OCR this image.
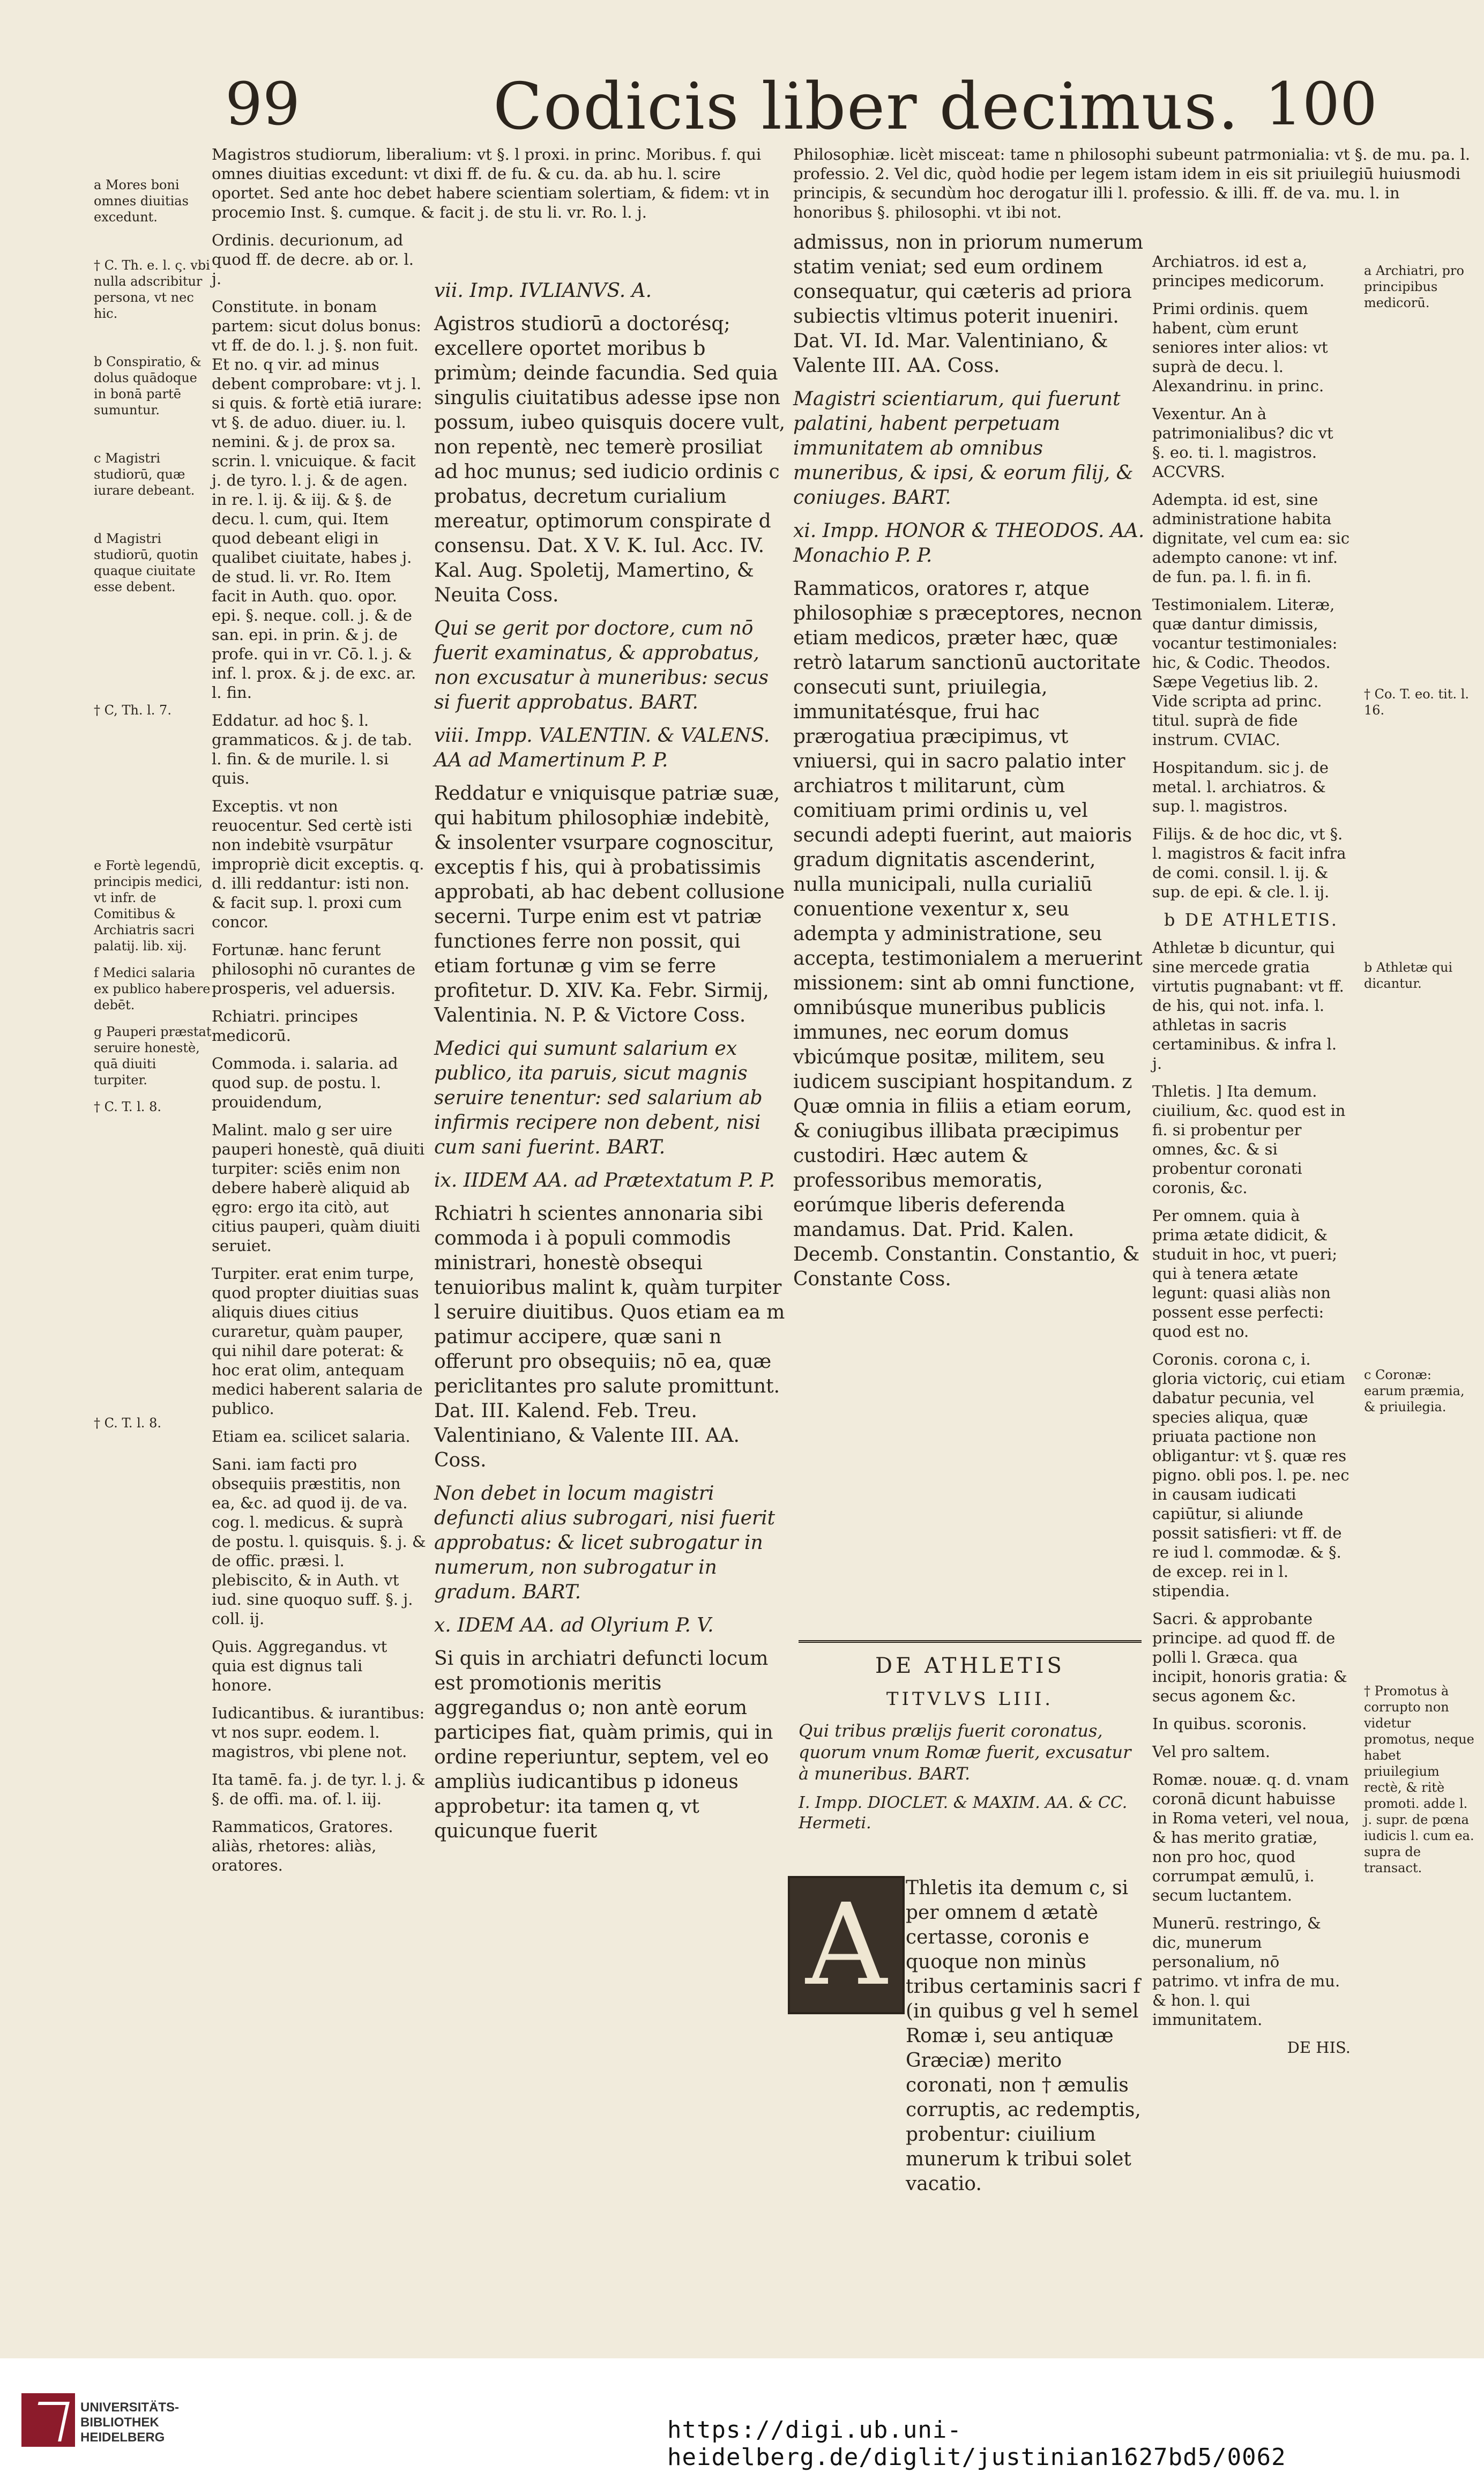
99	Codicis liber decimus. 100

Magistros studiorum, liberalium: vt §. l proxi. in princ. Moribus. f. qui omnes diuitias excedunt: vt dixi ff. de fu. & cu. da. ab hu. l. scire oportet. Sed ante hoc debet habere scientiam solertiam, & fidem: vt in procemio Inst. §. cumque. & facit j. de stu li. vr. Ro. l. j.

Philosophiæ. licèt misceat: tame n philosophi subeunt patrmonialia: vt §. de mu. pa. l. professio. 2. Vel dic, quòd hodie per legem istam idem in eis sit priuilegiū huiusmodi principis, & secundùm hoc derogatur illi l. professio. & illi. ff. de va. mu. l. in honoribus §. philosophi. vt ibi not.

a Mores boni omnes diuitias excedunt.

† C. Th. e. l. ς. vbi nulla adscribitur persona, vt nec hic.

b Conspiratio, & dolus quādoque in bonā partē sumuntur.

c Magistri studiorū, quæ iurare debeant.

d Magistri studiorū, quotin quaque ciuitate esse debent.

† C, Th. l. 7.

e Fortè legendū, principis medici, vt infr. de Comitibus & Archiatris sacri palatij. lib. xij.

f Medici salaria ex publico habere debēt.

g Pauperi præstat seruire honestè, quā diuiti turpiter.

† C. T. l. 8.

† C. T. l. 8.

Ordinis. decurionum, ad quod ff. de decre. ab or. l. j.

Constitute. in bonam partem: sicut dolus bonus: vt ff. de do. l. j. §. non fuit. Et no. q vir. ad minus debent comprobare: vt j. l. si quis. & fortè etiā iurare: vt §. de aduo. diuer. iu. l. nemini. & j. de prox sa. scrin. l. vnicuique. & facit j. de tyro. l. j. & de agen. in re. l. ij. & iij. & §. de decu. l. cum, qui. Item quod debeant eligi in qualibet ciuitate, habes j. de stud. li. vr. Ro. Item facit in Auth. quo. opor. epi. §. neque. coll. j. & de san. epi. in prin. & j. de profe. qui in vr. Cō. l. j. & inf. l. prox. & j. de exc. ar. l. fin.

Eddatur. ad hoc §. l. grammaticos. & j. de tab. l. fin. & de murile. l. si quis.

Exceptis. vt non reuocentur. Sed certè isti non indebitè vsurpātur impropriè dicit exceptis. q. d. illi reddantur: isti non. & facit sup. l. proxi cum concor.

Fortunæ. hanc ferunt philosophi nō curantes de prosperis, vel aduersis.

Rchiatri. principes medicorū.

Commoda. i. salaria. ad quod sup. de postu. l. prouidendum,

Malint. malo g ser uire pauperi honestè, quā diuiti turpiter: sciēs enim non debere haberè aliquid ab ęgro: ergo ita citò, aut citius pauperi, quàm diuiti seruiet.

Turpiter. erat enim turpe, quod propter diuitias suas aliquis diues citius curaretur, quàm pauper, qui nihil dare poterat: & hoc erat olim, antequam medici haberent salaria de publico.

Etiam ea. scilicet salaria.

Sani. iam facti pro obsequiis præstitis, non ea, &c. ad quod ij. de va. cog. l. medicus. & suprà de postu. l. quisquis. §. j. & de offic. præsi. l. plebiscito, & in Auth. vt iud. sine quoquo suff. §. j. coll. ij.

Quis. Aggregandus. vt quia est dignus tali honore.

Iudicantibus. & iurantibus: vt nos supr. eodem. l. magistros, vbi plene not.

Ita tamē. fa. j. de tyr. l. j. & §. de offi. ma. of. l. iij.

Rammaticos, Gratores. aliàs, rhetores: aliàs, oratores.

vii. Imp. IVLIANVS. A.

Agistros studiorū a doctorésq; excellere oportet moribus b primùm; deinde facundia. Sed quia singulis ciuitatibus adesse ipse non possum, iubeo quisquis docere vult, non repentè, nec temerè prosiliat ad hoc munus; sed iudicio ordinis c probatus, decretum curialium mereatur, optimorum conspirate d consensu. Dat. X V. K. Iul. Acc. IV. Kal. Aug. Spoletij, Mamertino, & Neuita Coss.

Qui se gerit por doctore, cum nō fuerit examinatus, & approbatus, non excusatur à muneribus: secus si fuerit approbatus. BART.

viii. Impp. VALENTIN. & VALENS. AA ad Mamertinum P. P.

Reddatur e vniquisque patriæ suæ, qui habitum philosophiæ indebitè, & insolenter vsurpare cognoscitur, exceptis f his, qui à probatissimis approbati, ab hac debent collusione secerni. Turpe enim est vt patriæ functiones ferre non possit, qui etiam fortunæ g vim se ferre profitetur. D. XIV. Ka. Febr. Sirmij, Valentinia. N. P. & Victore Coss.

Medici qui sumunt salarium ex publico, ita paruis, sicut magnis seruire tenentur: sed salarium ab infirmis recipere non debent, nisi cum sani fuerint. BART.

ix. IIDEM AA. ad Prætextatum P. P.

Rchiatri h scientes annonaria sibi commoda i à populi commodis ministrari, honestè obsequi tenuioribus malint k, quàm turpiter l seruire diuitibus. Quos etiam ea m patimur accipere, quæ sani n offerunt pro obsequiis; nō ea, quæ periclitantes pro salute promittunt. Dat. III. Kalend. Feb. Treu. Valentiniano, & Valente III. AA. Coss.

Non debet in locum magistri defuncti alius subrogari, nisi fuerit approbatus: & licet subrogatur in numerum, non subrogatur in gradum. BART.

x. IDEM AA. ad Olyrium P. V.

Si quis in archiatri defuncti locum est promotionis meritis aggregandus o; non antè eorum participes fiat, quàm primis, qui in ordine reperiuntur, septem, vel eo ampliùs iudicantibus p idoneus approbetur: ita tamen q, vt quicunque fuerit

admissus, non in priorum numerum statim veniat; sed eum ordinem consequatur, qui cæteris ad priora subiectis vltimus poterit inueniri. Dat. VI. Id. Mar. Valentiniano, & Valente III. AA. Coss.

Magistri scientiarum, qui fuerunt palatini, habent perpetuam immunitatem ab omnibus muneribus, & ipsi, & eorum filij, & coniuges. BART.

xi. Impp. HONOR & THEODOS. AA. Monachio P. P.

Rammaticos, oratores r, atque philosophiæ s præceptores, necnon etiam medicos, præter hæc, quæ retrò latarum sanctionū auctoritate consecuti sunt, priuilegia, immunitatésque, frui hac prærogatiua præcipimus, vt vniuersi, qui in sacro palatio inter archiatros t militarunt, cùm comitiuam primi ordinis u, vel secundi adepti fuerint, aut maioris gradum dignitatis ascenderint, nulla municipali, nulla curialiū conuentione vexentur x, seu adempta y administratione, seu accepta, testimonialem a meruerint missionem: sint ab omni functione, omnibúsque muneribus publicis immunes, nec eorum domus vbicúmque positæ, militem, seu iudicem suscipiant hospitandum. z Quæ omnia in filiis a etiam eorum, & coniugibus illibata præcipimus custodiri. Hæc autem & professoribus memoratis, eorúmque liberis deferenda mandamus. Dat. Prid. Kalen. Decemb. Constantin. Constantio, & Constante Coss.

DE ATHLETIS

TITVLVS LIII.

Qui tribus prælijs fuerit coronatus, quorum vnum Romæ fuerit, excusatur à muneribus. BART.

I. Impp. DIOCLET. & MAXIM. AA. & CC. Hermeti.

A Thletis ita demum c, si per omnem d ætatè certasse, coronis e quoque non minùs tribus certaminis sacri f (in quibus g vel h semel Romæ i, seu antiquæ Græciæ) merito coronati, non † æmulis corruptis, ac redemptis, probentur: ciuilium munerum k tribui solet vacatio.

Archiatros. id est a, principes medicorum.

Primi ordinis. quem habent, cùm erunt seniores inter alios: vt suprà de decu. l. Alexandrinu. in princ.

Vexentur. An à patrimonialibus? dic vt §. eo. ti. l. magistros. ACCVRS.

Adempta. id est, sine administratione habita dignitate, vel cum ea: sic adempto canone: vt inf. de fun. pa. l. fi. in fi.

Testimonialem. Literæ, quæ dantur dimissis, vocantur testimoniales: hic, & Codic. Theodos. Sæpe Vegetius lib. 2. Vide scripta ad princ. titul. suprà de fide instrum. CVIAC.

Hospitandum. sic j. de metal. l. archiatros. & sup. l. magistros.

Filijs. & de hoc dic, vt §. l. magistros & facit infra de comi. consil. l. ij. & sup. de epi. & cle. l. ij.

b DE ATHLETIS.

Athletæ b dicuntur, qui sine mercede gratia virtutis pugnabant: vt ff. de his, qui not. infa. l. athletas in sacris certaminibus. & infra l. j.

Thletis. ] Ita demum. ciuilium, &c. quod est in fi. si probentur per omnes, &c. & si probentur coronati coronis, &c.

Per omnem. quia à prima ætate didicit, & studuit in hoc, vt pueri; qui à tenera ætate legunt: quasi aliàs non possent esse perfecti: quod est no.

Coronis. corona c, i. gloria victoriç, cui etiam dabatur pecunia, vel species aliqua, quæ priuata pactione non obligantur: vt §. quæ res pigno. obli pos. l. pe. nec in causam iudicati capiūtur, si aliunde possit satisfieri: vt ff. de re iud l. commodæ. & §. de excep. rei in l. stipendia.

Sacri. & approbante principe. ad quod ff. de polli l. Græca. qua incipit, honoris gratia: & secus agonem &c.

In quibus. scoronis.

Vel pro saltem.

Romæ. nouæ. q. d. vnam coronā dicunt habuisse in Roma veteri, vel noua, & has merito gratiæ, non pro hoc, quod corrumpat æmulū, i. secum luctantem.

Munerū. restringo, & dic, munerum personalium, nō patrimo. vt infra de mu. & hon. l. qui immunitatem.

DE HIS.

a Archiatri, pro principibus medicorū.

† Co. T. eo. tit. l. 16.

b Athletæ qui dicantur.

c Coronæ: earum præmia, & priuilegia.

† Promotus à corrupto non videtur promotus, neque habet priuilegium rectè, & ritè promoti. adde l. j. supr. de pœna iudicis l. cum ea. supra de transact.

UNIVERSITÄTS-
BIBLIOTHEK
HEIDELBERG	https://digi.ub.uni-heidelberg.de/diglit/justinian1627bd5/0062
